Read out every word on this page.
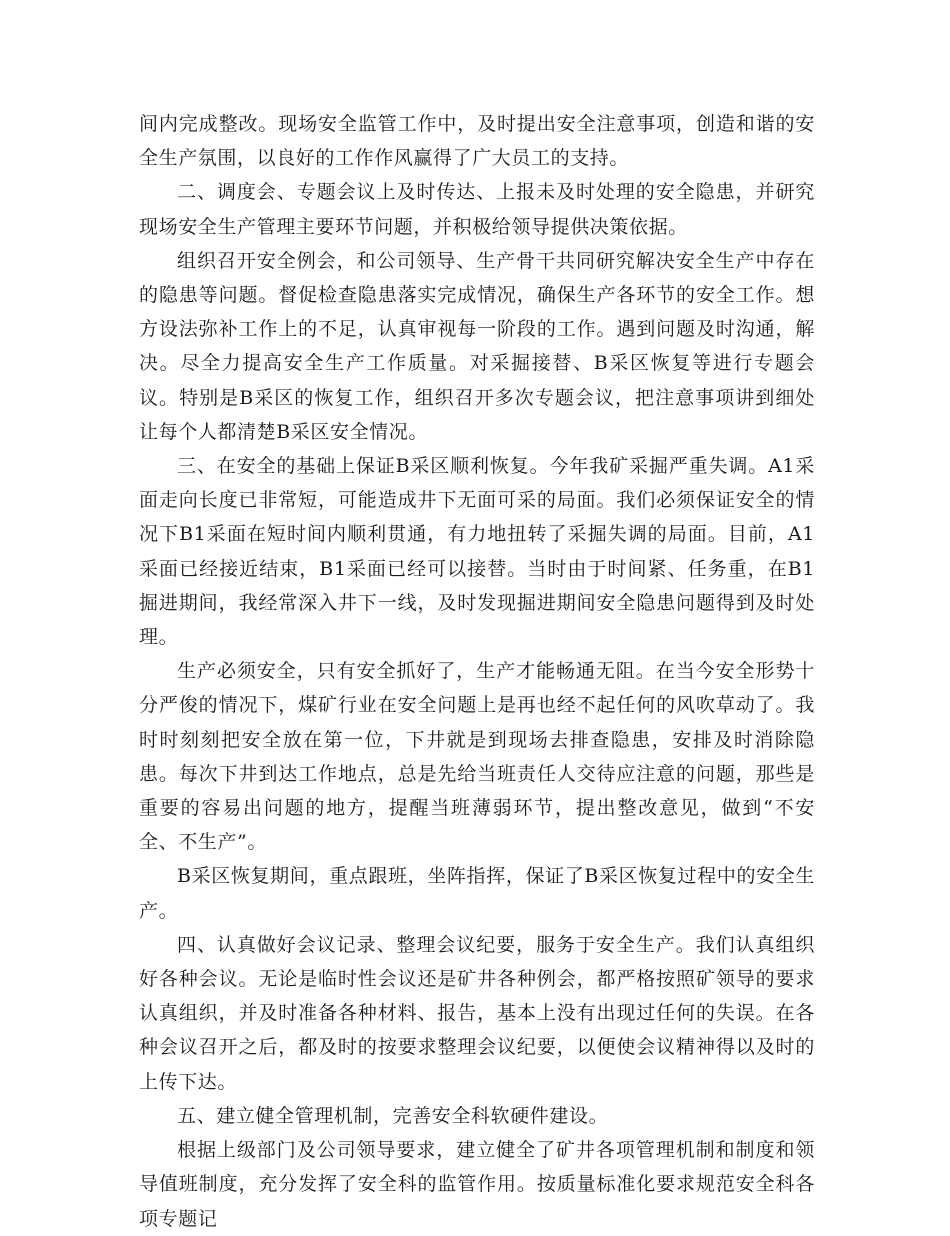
间内完成整改。现场安全监管工作中，及时提出安全注意事项，创造和谐的安全生产氛围，以良好的工作作风赢得了广大员工的支持。

二、调度会、专题会议上及时传达、上报未及时处理的安全隐患，并研究现场安全生产管理主要环节问题，并积极给领导提供决策依据。

组织召开安全例会，和公司领导、生产骨干共同研究解决安全生产中存在的隐患等问题。督促检查隐患落实完成情况，确保生产各环节的安全工作。想方设法弥补工作上的不足，认真审视每一阶段的工作。遇到问题及时沟通，解决。尽全力提高安全生产工作质量。对采掘接替、B采区恢复等进行专题会议。特别是B采区的恢复工作，组织召开多次专题会议，把注意事项讲到细处让每个人都清楚B采区安全情况。

三、在安全的基础上保证B采区顺利恢复。今年我矿采掘严重失调。A1采面走向长度已非常短，可能造成井下无面可采的局面。我们必须保证安全的情况下B1采面在短时间内顺利贯通，有力地扭转了采掘失调的局面。目前，A1采面已经接近结束，B1采面已经可以接替。当时由于时间紧、任务重，在B1掘进期间，我经常深入井下一线，及时发现掘进期间安全隐患问题得到及时处理。

生产必须安全，只有安全抓好了，生产才能畅通无阻。在当今安全形势十分严俊的情况下，煤矿行业在安全问题上是再也经不起任何的风吹草动了。我时时刻刻把安全放在第一位，下井就是到现场去排查隐患，安排及时消除隐患。每次下井到达工作地点，总是先给当班责任人交待应注意的问题，那些是重要的容易出问题的地方，提醒当班薄弱环节，提出整改意见，做到“不安全、不生产”。

B采区恢复期间，重点跟班，坐阵指挥，保证了B采区恢复过程中的安全生产。

四、认真做好会议记录、整理会议纪要，服务于安全生产。我们认真组织好各种会议。无论是临时性会议还是矿井各种例会，都严格按照矿领导的要求认真组织，并及时准备各种材料、报告，基本上没有出现过任何的失误。在各种会议召开之后，都及时的按要求整理会议纪要，以便使会议精神得以及时的上传下达。

五、建立健全管理机制，完善安全科软硬件建设。

根据上级部门及公司领导要求，建立健全了矿井各项管理机制和制度和领导值班制度，充分发挥了安全科的监管作用。按质量标准化要求规范安全科各项专题记
